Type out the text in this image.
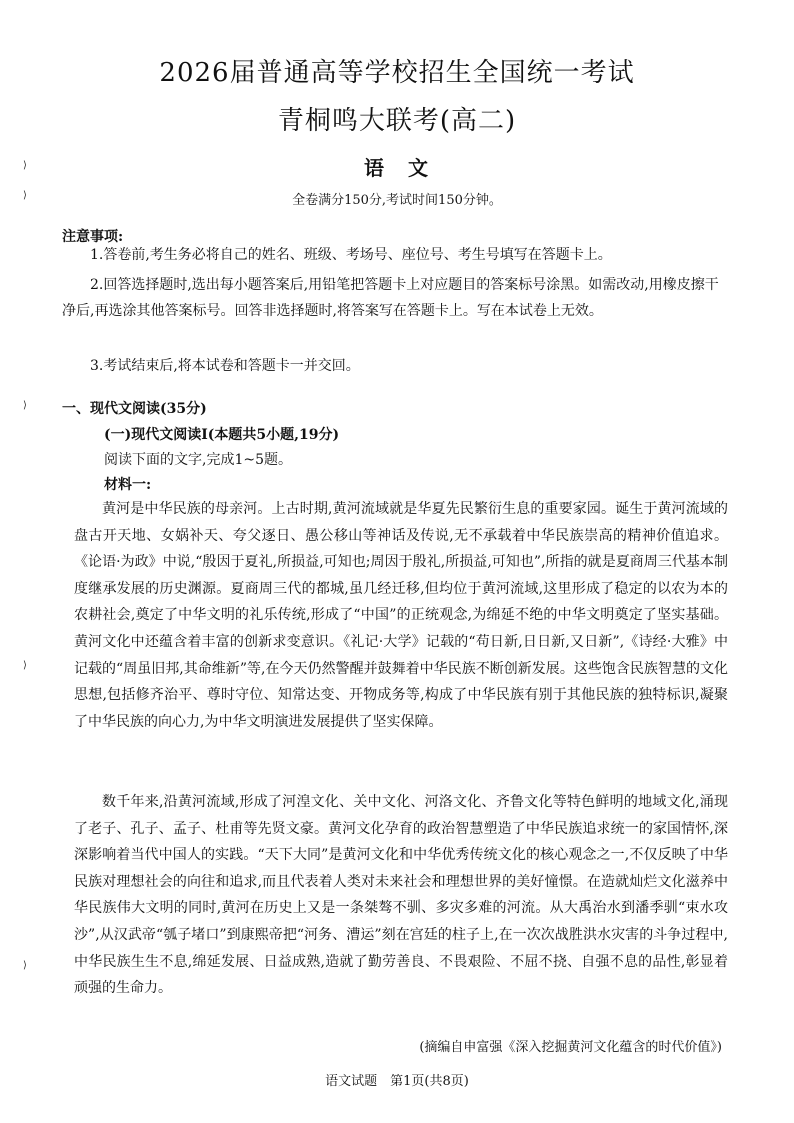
⟩
⟩
⟩
⟩
⟩
2026届普通高等学校招生全国统一考试
青桐鸣大联考(高二)
语　文
全卷满分150分,考试时间150分钟。
注意事项:
1.答卷前,考生务必将自己的姓名、班级、考场号、座位号、考生号填写在答题卡上。
2.回答选择题时,选出每小题答案后,用铅笔把答题卡上对应题目的答案标号涂黑。如需改动,用橡皮擦干净后,再选涂其他答案标号。回答非选择题时,将答案写在答题卡上。写在本试卷上无效。
3.考试结束后,将本试卷和答题卡一并交回。
一、现代文阅读(35分)
(一)现代文阅读Ⅰ(本题共5小题,19分)
阅读下面的文字,完成1~5题。
材料一:
黄河是中华民族的母亲河。上古时期,黄河流域就是华夏先民繁衍生息的重要家园。诞生于黄河流域的盘古开天地、女娲补天、夸父逐日、愚公移山等神话及传说,无不承载着中华民族崇高的精神价值追求。《论语·为政》中说,“殷因于夏礼,所损益,可知也;周因于殷礼,所损益,可知也”,所指的就是夏商周三代基本制度继承发展的历史渊源。夏商周三代的都城,虽几经迁移,但均位于黄河流域,这里形成了稳定的以农为本的农耕社会,奠定了中华文明的礼乐传统,形成了“中国”的正统观念,为绵延不绝的中华文明奠定了坚实基础。黄河文化中还蕴含着丰富的创新求变意识。《礼记·大学》记载的“苟日新,日日新,又日新”,《诗经·大雅》中记载的“周虽旧邦,其命维新”等,在今天仍然警醒并鼓舞着中华民族不断创新发展。这些饱含民族智慧的文化思想,包括修齐治平、尊时守位、知常达变、开物成务等,构成了中华民族有别于其他民族的独特标识,凝聚了中华民族的向心力,为中华文明演进发展提供了坚实保障。
数千年来,沿黄河流域,形成了河湟文化、关中文化、河洛文化、齐鲁文化等特色鲜明的地域文化,涌现了老子、孔子、孟子、杜甫等先贤文豪。黄河文化孕育的政治智慧塑造了中华民族追求统一的家国情怀,深深影响着当代中国人的实践。“天下大同”是黄河文化和中华优秀传统文化的核心观念之一,不仅反映了中华民族对理想社会的向往和追求,而且代表着人类对未来社会和理想世界的美好憧憬。在造就灿烂文化滋养中华民族伟大文明的同时,黄河在历史上又是一条桀骜不驯、多灾多难的河流。从大禹治水到潘季驯“束水攻沙”,从汉武帝“瓠子堵口”到康熙帝把“河务、漕运”刻在宫廷的柱子上,在一次次战胜洪水灾害的斗争过程中,中华民族生生不息,绵延发展、日益成熟,造就了勤劳善良、不畏艰险、不屈不挠、自强不息的品性,彰显着顽强的生命力。
(摘编自申富强《深入挖掘黄河文化蕴含的时代价值》)
语文试题　第1页(共8页)
